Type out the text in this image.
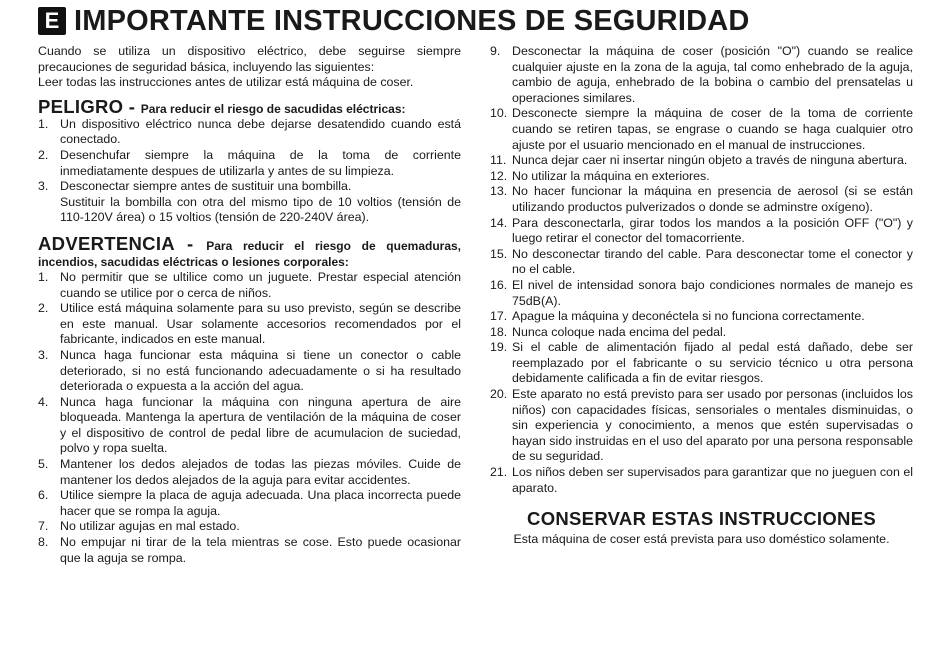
E IMPORTANTE INSTRUCCIONES DE SEGURIDAD

Cuando se utiliza un dispositivo eléctrico, debe seguirse siempre precauciones de seguridad básica, incluyendo las siguientes:

Leer todas las instrucciones antes de utilizar está máquina de coser.

PELIGRO - Para reducir el riesgo de sacudidas eléctricas:
1. Un dispositivo eléctrico nunca debe dejarse desatendido cuando está conectado.
2. Desenchufar siempre la máquina de la toma de corriente inmediatamente despues de utilizarla y antes de su limpieza.
3. Desconectar siempre antes de sustituir una bombilla.
Sustituir la bombilla con otra del mismo tipo de 10 voltios (tensión de 110-120V área) o 15 voltios (tensión de 220-240V área).
ADVERTENCIA - Para reducir el riesgo de quemaduras, incendios, sacudidas eléctricas o lesiones corporales:
1. No permitir que se ultilice como un juguete. Prestar especial atención cuando se utilice por o cerca de niños.
2. Utilice está máquina solamente para su uso previsto, según se describe en este manual. Usar solamente accesorios recomendados por el fabricante, indicados en este manual.
3. Nunca haga funcionar esta máquina si tiene un conector o cable deteriorado, si no está funcionando adecuadamente o si ha resultado deteriorada o expuesta a la acción del agua.
4. Nunca haga funcionar la máquina con ninguna apertura de aire bloqueada. Mantenga la apertura de ventilación de la máquina de coser y el dispositivo de control de pedal libre de acumulacion de suciedad, polvo y ropa suelta.
5. Mantener los dedos alejados de todas las piezas móviles. Cuide de mantener los dedos alejados de la aguja para evitar accidentes.
6. Utilice siempre la placa de aguja adecuada. Una placa incorrecta puede hacer que se rompa la aguja.
7. No utilizar agujas en mal estado.
8. No empujar ni tirar de la tela mientras se cose. Esto puede ocasionar que la aguja se rompa.
9. Desconectar la máquina de coser (posición "O") cuando se realice cualquier ajuste en la zona de la aguja, tal como enhebrado de la aguja, cambio de aguja, enhebrado de la bobina o cambio del prensatelas u operaciones similares.
10. Desconecte siempre la máquina de coser de la toma de corriente cuando se retiren tapas, se engrase o cuando se haga cualquier otro ajuste por el usuario mencionado en el manual de instrucciones.
11. Nunca dejar caer ni insertar ningún objeto a través de ninguna abertura.
12. No utilizar la máquina en exteriores.
13. No hacer funcionar la máquina en presencia de aerosol (si se están utilizando productos pulverizados o donde se adminstre oxígeno).
14. Para desconectarla, girar todos los mandos a la posición OFF ("O") y luego retirar el conector del tomacorriente.
15. No desconectar tirando del cable. Para desconectar tome el conector y no el cable.
16. El nivel de intensidad sonora bajo condiciones normales de manejo es 75dB(A).
17. Apague la máquina y deconéctela si no funciona correctamente.
18. Nunca coloque nada encima del pedal.
19. Si el cable de alimentación fijado al pedal está dañado, debe ser reemplazado por el fabricante o su servicio técnico u otra persona debidamente calificada a fin de evitar riesgos.
20. Este aparato no está previsto para ser usado por personas (incluidos los niños) con capacidades físicas, sensoriales o mentales disminuidas, o sin experiencia y conocimiento, a menos que estén supervisadas o hayan sido instruidas en el uso del aparato por una persona responsable de su seguridad.
21. Los niños deben ser supervisados para garantizar que no jueguen con el aparato.
CONSERVAR ESTAS INSTRUCCIONES
Esta máquina de coser está prevista para uso doméstico solamente.
